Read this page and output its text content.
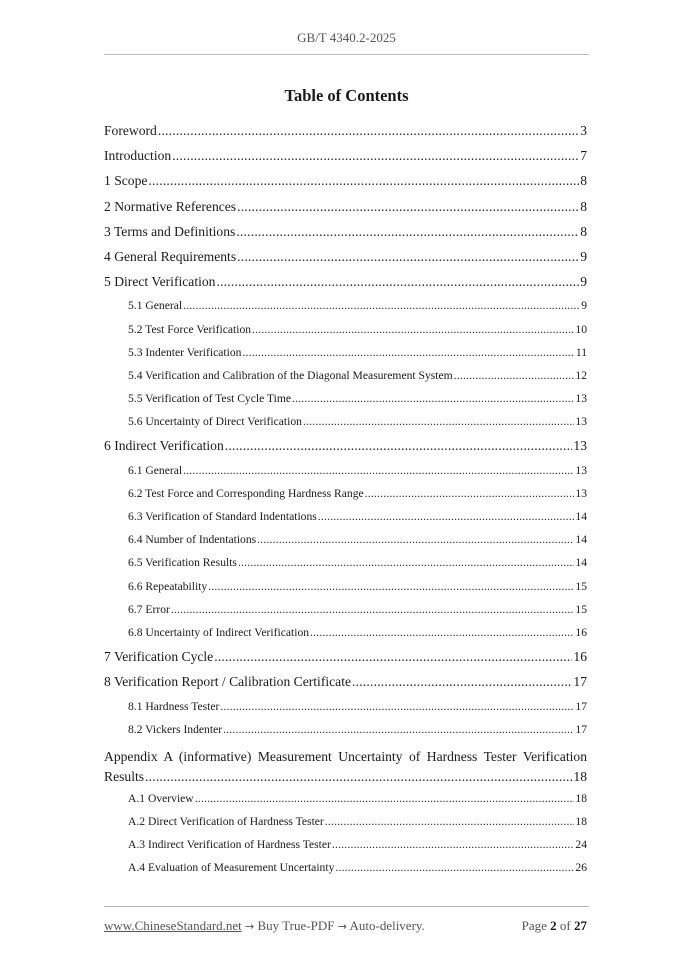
GB/T 4340.2-2025
Table of Contents
Foreword .....	3
Introduction .....	7
1 Scope .....	8
2 Normative References .....	8
3 Terms and Definitions .....	8
4 General Requirements .....	9
5 Direct Verification .....	9
5.1 General .....	9
5.2 Test Force Verification .....	10
5.3 Indenter Verification .....	11
5.4 Verification and Calibration of the Diagonal Measurement System .....	12
5.5 Verification of Test Cycle Time .....	13
5.6 Uncertainty of Direct Verification .....	13
6 Indirect Verification .....	13
6.1 General .....	13
6.2 Test Force and Corresponding Hardness Range .....	13
6.3 Verification of Standard Indentations .....	14
6.4 Number of Indentations .....	14
6.5 Verification Results .....	14
6.6 Repeatability .....	15
6.7 Error .....	15
6.8 Uncertainty of Indirect Verification .....	16
7 Verification Cycle .....	16
8 Verification Report / Calibration Certificate .....	17
8.1 Hardness Tester .....	17
8.2 Vickers Indenter .....	17
Appendix A (informative) Measurement Uncertainty of Hardness Tester Verification
Results .....	18
A.1 Overview .....	18
A.2 Direct Verification of Hardness Tester .....	18
A.3 Indirect Verification of Hardness Tester .....	24
A.4 Evaluation of Measurement Uncertainty .....	26
www.ChineseStandard.net → Buy True-PDF → Auto-delivery.	Page 2 of 27
